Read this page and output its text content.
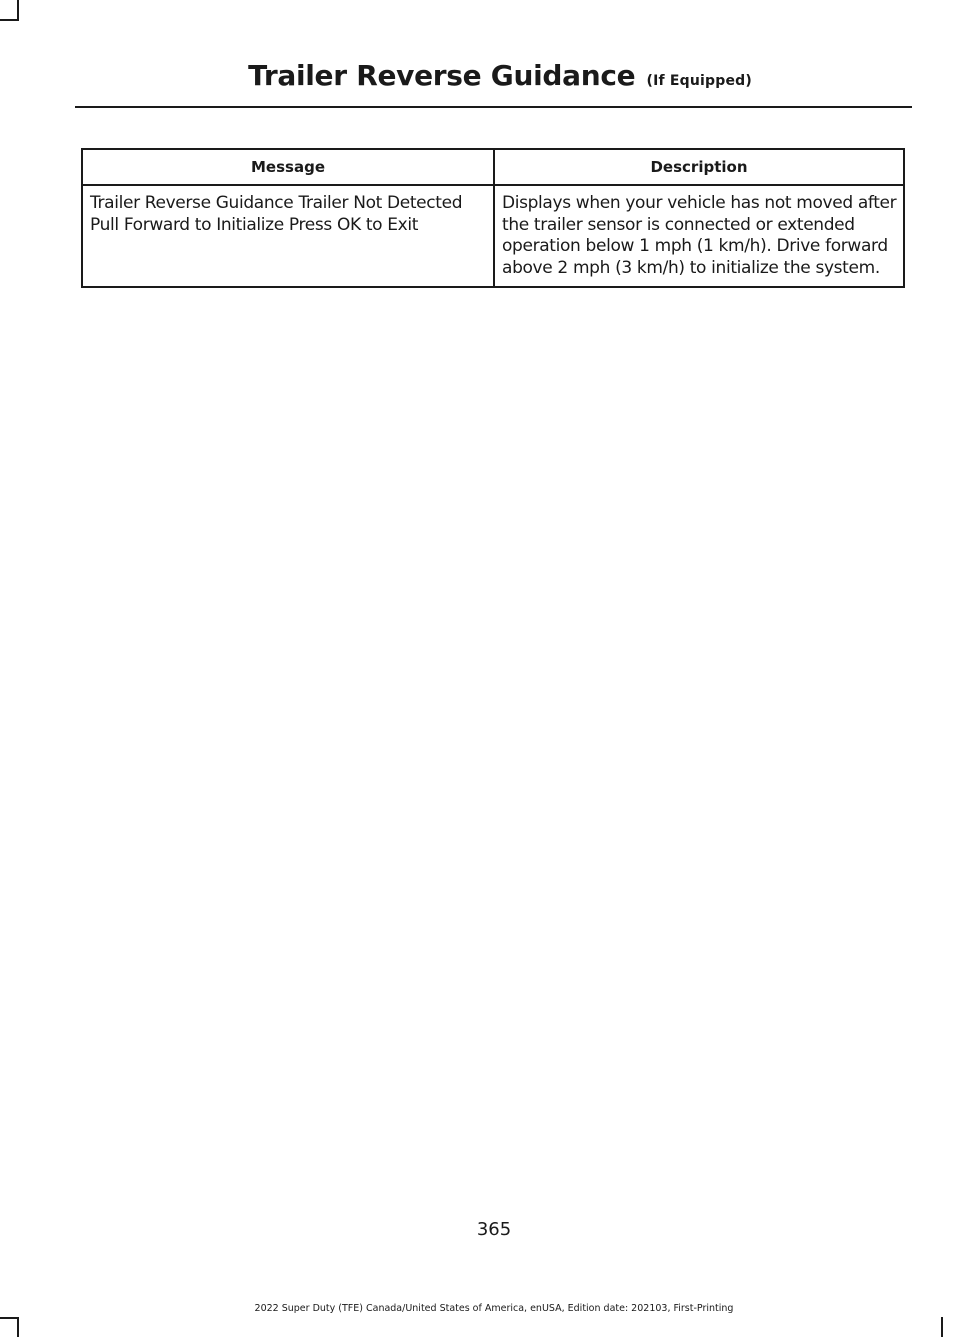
Trailer Reverse Guidance (If Equipped)
Message	Description
Trailer Reverse Guidance Trailer Not Detected Pull Forward to Initialize Press OK to Exit	Displays when your vehicle has not moved after the trailer sensor is connected or extended operation below 1 mph (1 km/h). Drive forward above 2 mph (3 km/h) to initialize the system.

365

2022 Super Duty (TFE) Canada/United States of America, enUSA, Edition date: 202103, First-Printing
